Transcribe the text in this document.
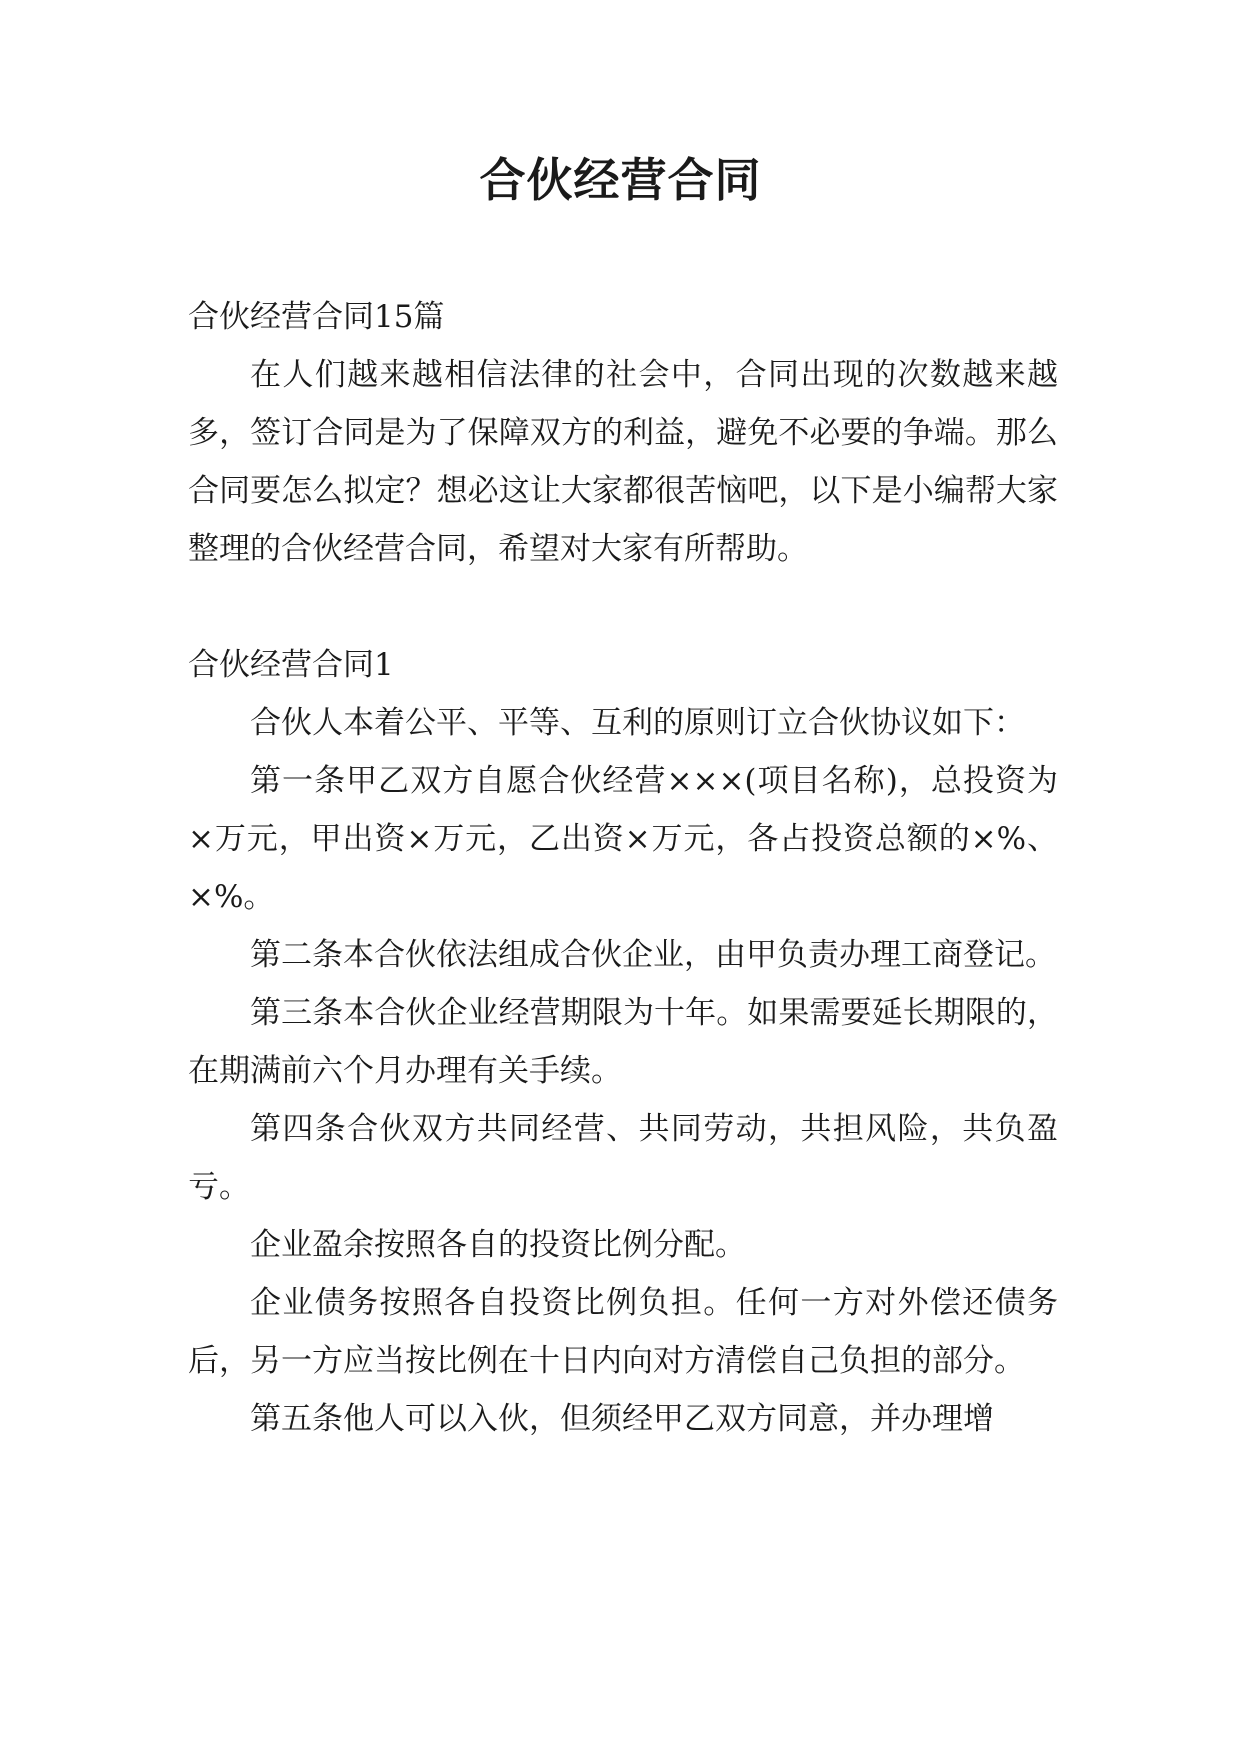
合伙经营合同

合伙经营合同15篇

在人们越来越相信法律的社会中，合同出现的次数越来越多，签订合同是为了保障双方的利益，避免不必要的争端。那么合同要怎么拟定？想必这让大家都很苦恼吧，以下是小编帮大家整理的合伙经营合同，希望对大家有所帮助。

合伙经营合同1

合伙人本着公平、平等、互利的原则订立合伙协议如下：

第一条甲乙双方自愿合伙经营×××(项目名称)，总投资为×万元，甲出资×万元，乙出资×万元，各占投资总额的×%、×%。

第二条本合伙依法组成合伙企业，由甲负责办理工商登记。

第三条本合伙企业经营期限为十年。如果需要延长期限的，在期满前六个月办理有关手续。

第四条合伙双方共同经营、共同劳动，共担风险，共负盈亏。

企业盈余按照各自的投资比例分配。

企业债务按照各自投资比例负担。任何一方对外偿还债务后，另一方应当按比例在十日内向对方清偿自己负担的部分。

第五条他人可以入伙，但须经甲乙双方同意，并办理增
